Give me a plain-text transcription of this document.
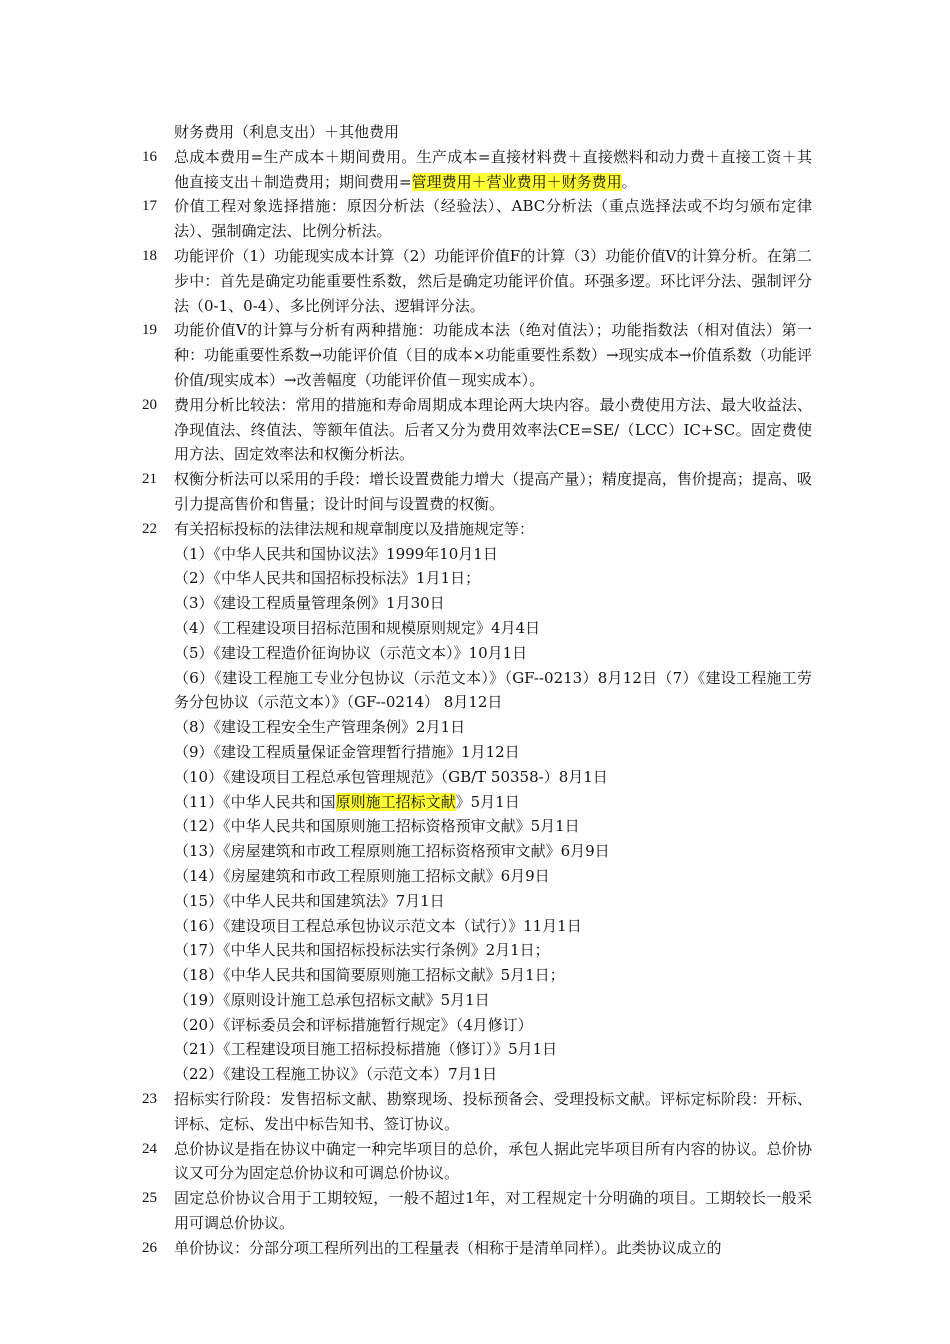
财务费用（利息支出）＋其他费用

16	总成本费用=生产成本＋期间费用。生产成本=直接材料费＋直接燃料和动力费＋直接工资＋其他直接支出＋制造费用；期间费用=管理费用＋营业费用＋财务费用。

17	价值工程对象选择措施：原因分析法（经验法）、ABC分析法（重点选择法或不均匀颁布定律法）、强制确定法、比例分析法。

18	功能评价（1）功能现实成本计算（2）功能评价值F的计算（3）功能价值V的计算分析。在第二步中：首先是确定功能重要性系数，然后是确定功能评价值。环强多逻。环比评分法、强制评分法（0-1、0-4）、多比例评分法、逻辑评分法。

19	功能价值V的计算与分析有两种措施：功能成本法（绝对值法）；功能指数法（相对值法）第一种：功能重要性系数→功能评价值（目的成本×功能重要性系数）→现实成本→价值系数（功能评价值/现实成本）→改善幅度（功能评价值－现实成本）。

20	费用分析比较法：常用的措施和寿命周期成本理论两大块内容。最小费使用方法、最大收益法、净现值法、终值法、等额年值法。后者又分为费用效率法CE=SE/（LCC）IC+SC。固定费使用方法、固定效率法和权衡分析法。

21	权衡分析法可以采用的手段：增长设置费能力增大（提高产量）；精度提高，售价提高；提高、吸引力提高售价和售量；设计时间与设置费的权衡。

22	有关招标投标的法律法规和规章制度以及措施规定等：

（1）《中华人民共和国协议法》1999年10月1日

（2）《中华人民共和国招标投标法》1月1日；

（3）《建设工程质量管理条例》1月30日

（4）《工程建设项目招标范围和规模原则规定》4月4日

（5）《建设工程造价征询协议（示范文本）》10月1日

（6）《建设工程施工专业分包协议（示范文本）》（GF--0213）8月12日（7）《建设工程施工劳务分包协议（示范文本）》（GF--0214） 8月12日

（8）《建设工程安全生产管理条例》2月1日

（9）《建设工程质量保证金管理暂行措施》1月12日

（10）《建设项目工程总承包管理规范》（GB/T 50358-）8月1日

（11）《中华人民共和国原则施工招标文献》5月1日

（12）《中华人民共和国原则施工招标资格预审文献》5月1日

（13）《房屋建筑和市政工程原则施工招标资格预审文献》6月9日

（14）《房屋建筑和市政工程原则施工招标文献》6月9日

（15）《中华人民共和国建筑法》7月1日

（16）《建设项目工程总承包协议示范文本（试行）》11月1日

（17）《中华人民共和国招标投标法实行条例》2月1日；

（18）《中华人民共和国简要原则施工招标文献》5月1日；

（19）《原则设计施工总承包招标文献》5月1日

（20）《评标委员会和评标措施暂行规定》（4月修订）

（21）《工程建设项目施工招标投标措施（修订）》5月1日

（22）《建设工程施工协议》（示范文本）7月1日

23	招标实行阶段：发售招标文献、勘察现场、投标预备会、受理投标文献。评标定标阶段：开标、评标、定标、发出中标告知书、签订协议。

24	总价协议是指在协议中确定一种完毕项目的总价，承包人据此完毕项目所有内容的协议。总价协议又可分为固定总价协议和可调总价协议。

25	固定总价协议合用于工期较短，一般不超过1年，对工程规定十分明确的项目。工期较长一般采用可调总价协议。

26	单价协议：分部分项工程所列出的工程量表（相称于是清单同样）。此类协议成立的
